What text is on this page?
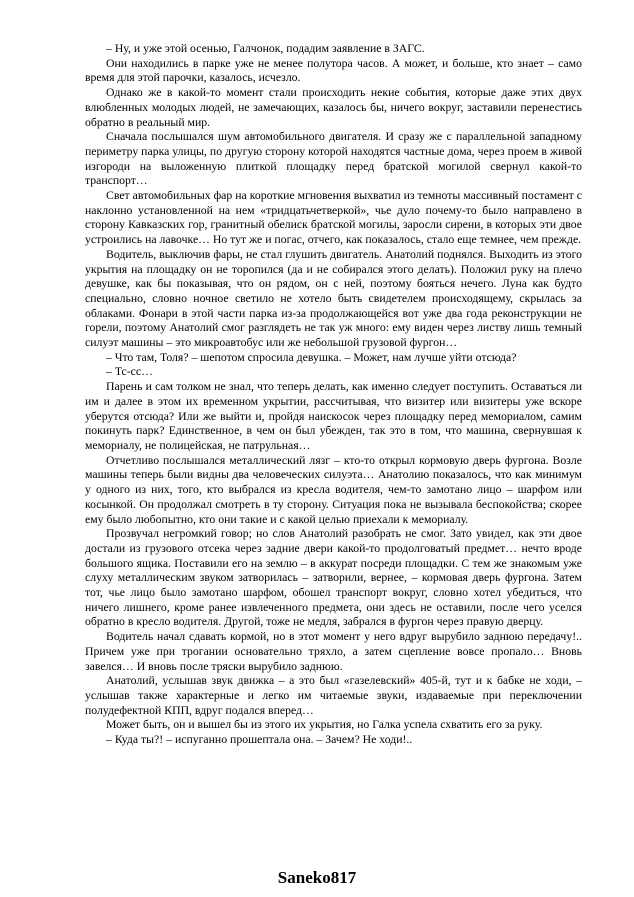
– Ну, и уже этой осенью, Галчонок, подадим заявление в ЗАГС.

Они находились в парке уже не менее полутора часов. А может, и больше, кто знает – само время для этой парочки, казалось, исчезло.

Однако же в какой-то момент стали происходить некие события, которые даже этих двух влюбленных молодых людей, не замечающих, казалось бы, ничего вокруг, заставили перенестись обратно в реальный мир.

Сначала послышался шум автомобильного двигателя. И сразу же с параллельной западному периметру парка улицы, по другую сторону которой находятся частные дома, через проем в живой изгороди на выложенную плиткой площадку перед братской могилой свернул какой-то транспорт…

Свет автомобильных фар на короткие мгновения выхватил из темноты массивный постамент с наклонно установленной на нем «тридцатьчетверкой», чье дуло почему-то было направлено в сторону Кавказских гор, гранитный обелиск братской могилы, заросли сирени, в которых эти двое устроились на лавочке… Но тут же и погас, отчего, как показалось, стало еще темнее, чем прежде.

Водитель, выключив фары, не стал глушить двигатель. Анатолий поднялся. Выходить из этого укрытия на площадку он не торопился (да и не собирался этого делать). Положил руку на плечо девушке, как бы показывая, что он рядом, он с ней, поэтому бояться нечего. Луна как будто специально, словно ночное светило не хотело быть свидетелем происходящему, скрылась за облаками. Фонари в этой части парка из-за продолжающейся вот уже два года реконструкции не горели, поэтому Анатолий смог разглядеть не так уж много: ему виден через листву лишь темный силуэт машины – это микроавтобус или же небольшой грузовой фургон…

– Что там, Толя? – шепотом спросила девушка. – Может, нам лучше уйти отсюда?

– Тс-сс…

Парень и сам толком не знал, что теперь делать, как именно следует поступить. Оставаться ли им и далее в этом их временном укрытии, рассчитывая, что визитер или визитеры уже вскоре уберутся отсюда? Или же выйти и, пройдя наискосок через площадку перед мемориалом, самим покинуть парк? Единственное, в чем он был убежден, так это в том, что машина, свернувшая к мемориалу, не полицейская, не патрульная…

Отчетливо послышался металлический лязг – кто-то открыл кормовую дверь фургона. Возле машины теперь были видны два человеческих силуэта… Анатолию показалось, что как минимум у одного из них, того, кто выбрался из кресла водителя, чем-то замотано лицо – шарфом или косынкой. Он продолжал смотреть в ту сторону. Ситуация пока не вызывала беспокойства; скорее ему было любопытно, кто они такие и с какой целью приехали к мемориалу.

Прозвучал негромкий говор; но слов Анатолий разобрать не смог. Зато увидел, как эти двое достали из грузового отсека через задние двери какой-то продолговатый предмет… нечто вроде большого ящика. Поставили его на землю – в аккурат посреди площадки. С тем же знакомым уже слуху металлическим звуком затворилась – затворили, вернее, – кормовая дверь фургона. Затем тот, чье лицо было замотано шарфом, обошел транспорт вокруг, словно хотел убедиться, что ничего лишнего, кроме ранее извлеченного предмета, они здесь не оставили, после чего уселся обратно в кресло водителя. Другой, тоже не медля, забрался в фургон через правую дверцу.

Водитель начал сдавать кормой, но в этот момент у него вдруг вырубило заднюю передачу!.. Причем уже при трогании основательно тряхло, а затем сцепление вовсе пропало… Вновь завелся… И вновь после тряски вырубило заднюю.

Анатолий, услышав звук движка – а это был «газелевский» 405-й, тут и к бабке не ходи, – услышав также характерные и легко им читаемые звуки, издаваемые при переключении полудефектной КПП, вдруг подался вперед…

Может быть, он и вышел бы из этого их укрытия, но Галка успела схватить его за руку.

– Куда ты?! – испуганно прошептала она. – Зачем? Не ходи!..

Saneko817
